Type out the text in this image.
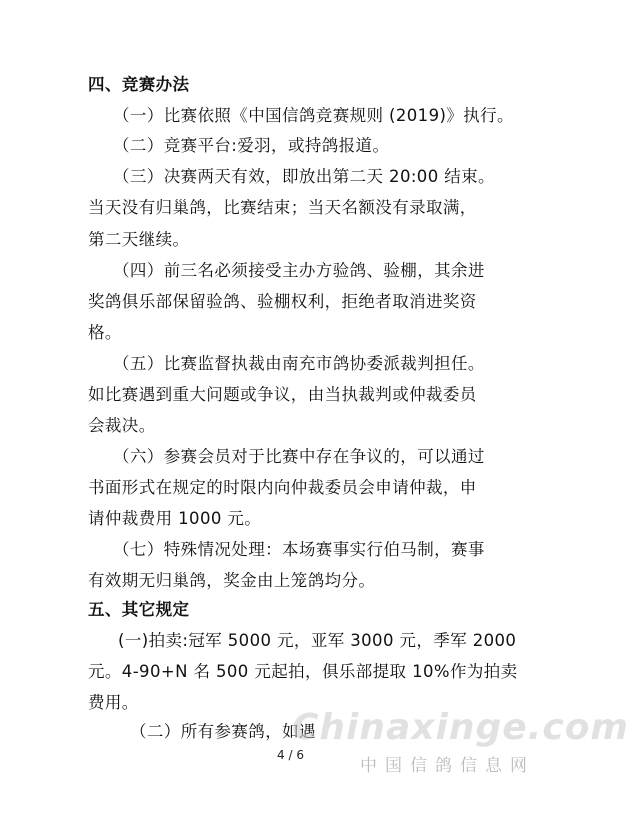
四、竞赛办法
（一）比赛依照《中国信鸽竞赛规则 (2019)》执行。
（二）竞赛平台:爱羽，或持鸽报道。
（三）决赛两天有效，即放出第二天 20:00 结束。
当天没有归巢鸽，比赛结束；当天名额没有录取满，
第二天继续。
（四）前三名必须接受主办方验鸽、验棚，其余进
奖鸽俱乐部保留验鸽、验棚权利，拒绝者取消进奖资
格。
（五）比赛监督执裁由南充市鸽协委派裁判担任。
如比赛遇到重大问题或争议，由当执裁判或仲裁委员
会裁决。
（六）参赛会员对于比赛中存在争议的，可以通过
书面形式在规定的时限内向仲裁委员会申请仲裁，申
请仲裁费用 1000 元。
（七）特殊情况处理：本场赛事实行伯马制，赛事
有效期无归巢鸽，奖金由上笼鸽均分。
五、其它规定
(一)拍卖:冠军 5000 元，亚军 3000 元，季军 2000
元。4-90+N 名 500 元起拍，俱乐部提取 10%作为拍卖
费用。
（二）所有参赛鸽，如遇
Chinaxinge.com
中国信鸽信息网
4 / 6
